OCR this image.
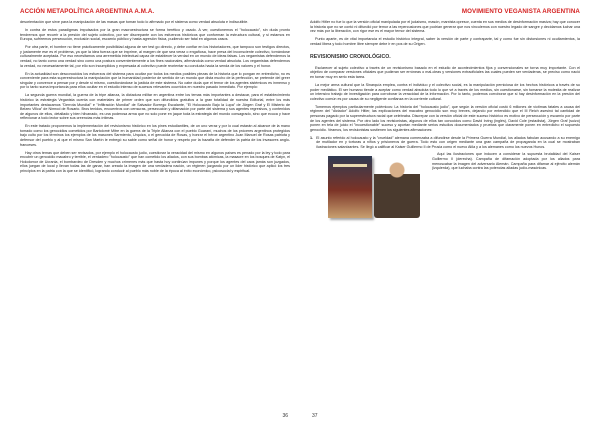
ACCIÓN METAPOLÍTICA ARGENTINA A.M.A.

desorientación que sirve para la manipulación de las masas que toman todo lo afirmado por el sistema como verdad absoluta e indiscutible.

In contra de estos paradigmas impulsados por la gran macroestructura se forma herético y osado. A ver, cuestionemos el "holocausto", sin duda pronto tendremos que recurrir a la presión del sujeto colectivo, por ser discrepante con los esfuerzos históricos que conforman la estructura cultural, y si estamos en Europa, sufriremos persecución, exclusión social, escarnio público y hasta agresión física, pudiendo ser fatal en algunos casos.

Por otra parte, el hombre no tiene prácticamente posibilidad alguna de ser test go directo, y debe confiar en los historiadores, que tampoco son testigos directos, y justamente ese es el problema, ya que la idea fuerza que se imprime, al margen de que sea veraz o engañosa, hace presa del inconsciente colectivo, tornándose culturalmente aceptada. Por eso necesitamos una arremetida intelectual capaz de establecer la verdad en un mundo de ideas falsas. Los vegamistas defendemos la verdad, no tanto como una verdad sino como una postura convenientemente a los fines nacionales, afirmándola como verdad absoluta. Los vegamistas defendemos la verdad, no necesariamente tal, por ello son incumplidos y expresada al colectivo puede reorientar su conducta hacia la senda de los valores y el honor.

En la actualidad son desconocidos los esfuerzos del sistema para ocultar por todos los medios posibles piezas de la historia que lo pongan en entredicho, no es conveniente para esta superestructura la manipulación que la humanidad posterior de sentido de un mundo que dista mucho de la perfección, se pretende del greer singular y convence a pensar por y desde sí mismo, cuestionándose la justicia de este sistema. No cabe duda que el temor de los agentes sistémicos es inmenso y por lo tanto suma importancia para ellos ocultar en el estudio intenso de sucesos relevantes ocurridos en nuestro pasado inmediato. Por ejemplo:

La segunda guerra mundial, la guerra de la tripe alianza, la dictadura militar en argentina entre los temas más importantes a destacar, para el establecimiento histórico la estrategia Veganista cuenta con materiales de primer orden que son difundidos gratuitos a la gran totalidad de nuestra Editorial, entre los más importantes destacamos "Derrota Mundial" e "Infiltración Mundial" de Salvador Borrego Escalante, "El Holocausto Bajo la Lupa" de Jürgen Graf y El Misterio de Belzec Villca" de Nimrod de Rosario. Bros tenidos, encuentros con censuras, persecución y difamación por parte del sistema y sus agentes regresivos, y contenidos de algunos de ellos, detallado y bien hilvanado, es una poderosa arma que no solo pone en jaque toda la estrategia del mundo consagrado, sino que ecuca y hace reflexionar a todo lector sobre sus creencias más íntimas.

En este tratado proponemos la implementación del revisionismo histórico en los pines estudiantiles, de un uno veraz y por lo cual estarán al alcance de la mano tomado como los genocidios cometidos por Bartolomé Mitre en la guerra de la Triple Alianza con el pueblo Guaraní, muchos de los próceres argentinos protegidos bajo culto por los términos los ejemplos de los masones Sarmiento, Urquiza, o el genocida de Rosas, y honrar el héroe argentino Juan Manuel de Rosas patriota y defensor del pueblo y al que el mismo San Martín le entregó su sable como señal de honor y respeto por la hazaña de defender la patria de los invasores anglo-franceses.

Hay otros temas que deben ser revisados, por ejemplo el holocausto judío, cuestionar la veracidad del mismo en algunos países es penado por la ley y todo para encubrir un genocidio macabro y terrible, el verdadero "holocausto" que han cometido los aliados, con sus bombas atómicas, la masacre en los bosques de Katyn, el Holodomor de Ucrania, el bombardeo de Dresden y muchos crímenes más que hasta hoy continúan impunes y porque los agentes del caos jamás son juzgados, ellos juegan de local y llevan todas las de ganar, han creado la imagen de una verdadera nación, un régimen juzgando por un lider histórico que aplicó los tres principios en la patria con la que se identificó, logrando conducir al pueblo más noble de la época al éxito económico, psicosocial y espiritual.

36
MOVIMIENTO VEGANISTA ARGENTINA

Adolfo Hitler no fue lo que la versión oficial manipulada por el judaísmo, masón, marxista opresor, cuenta en sus medios de desinformación masiva; hay que conocer la historia que no se contó ni difundió por temor a las repercusiones que podrían generar que nos vinculemos con nuestro legado de sangre y decidamos luchar una vez más por la liberación, con rigor ese es el mayor temor del sistema.

Punto aparte, es de vital importancia el estudio histórico integral, saber la versión de parte y contraparte, tal y como fue sin distorsiones ni ocultamientos, la verdad libera y todo hombre libre siempre debe ir en pos de su Origen.

REVISIONISMO CRONOLÓGICO.

Esclarecer al sujeto colectivo a través de un revisionismo basado en el estudio de acontecimientos fijos y convencionales se torna muy importante. Con el objetivo de comparar versiones oficiales que pudieran ser erróneas o mal-cleas y versiones extraoficiales las cuales pueden ser verdaderas, se preciso como nació en tomar muy en serio esta tarea.

La mejor arma cultural que la Sinarquía emplea, contra el individuo y el colectivo social, es la manipulación perniciosa de los hechos históricos a través de su poder mediático. El ser humano tiende a aceptar como verdad absoluta todo lo que vé a través de los medios, sin cuestionarse, sin tomarse la molestia de realizar un intensivo trabajo de investigación para corroborar la veracidad de la información. Por lo tanto, podemos corroborar que si hay desinformación en la presión del colectivo común es por causa de su negligente confianza en la corriente cultural.

Tomemos ejemplos particularmente polémicos: La historia del "holocausto judío", que según la versión oficial costó 6 millones de víctimas fatales a causa del régimen del "dictador" Adolfo Hitler, las explicaciones del macabro genocidio son muy breves, dejando por entendido que el III Reich asesinó tal cantidad de personas pagado por la superestructura racial que celebraba. Discrepar con la versión oficial de este suceso histórico es motivo de persecución y escarnio por parte de los agentes del sistema. Por otro lado los revisionistas, algunos de ellos tan conocidos como David Irving (inglés), David Cole (estadista), Jürgen Graf (suizo) ponen en tela de juicio el "incuestionable" suceso y aportan mediante serios estudios documentados y pruebas que claramente ponen en entredicho el supuesto genocidio. Veamos, los revisionistas sostienen los siguientes afirmaciones:

1. El asunto referido al holocausto y la "crueldad" alemana comenzaba a difundirse desde la Primera Guerra Mundial, los aliados fabulan acusando a su enemigo de mutilador en y torturas a niños y prisioneros de guerra. Todo esto con origen mediante una gran campaña de propaganda en la cual se mostraban ilustraciones satanizantes. Se llegó a calificar al Kaiser Guillermo II de Prusia como el nuevo Atila y a los alemanes como los nuevos Hunos.

Aquí las ilustraciones que inducen a considerar la supuesta brutalidad del Kaiser Guillermo II (derecha). Campaña de difamación adoptada por los aliados para menoscabar la imagen del adversario Alemán. Campaña para difamar al ejército alemán (izquierda), que luchaba contra las potencias aliadas judío-masónicas.

37
